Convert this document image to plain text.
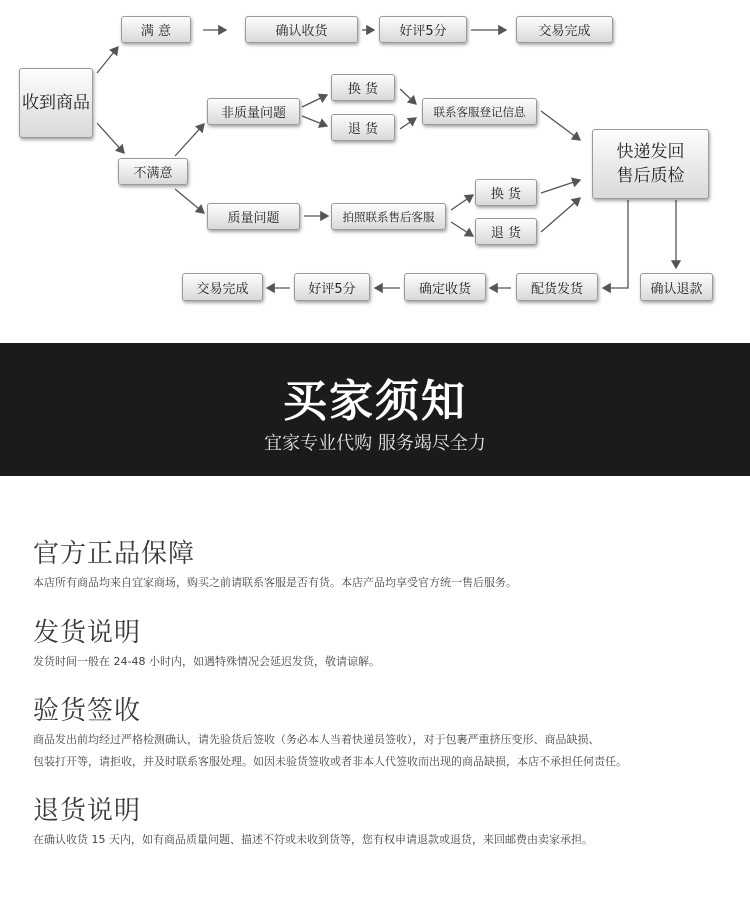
收到商品
满 意	确认收货	好评5分	交易完成
不满意
非质量问题
换 货
退 货
联系客服登记信息
质量问题	拍照联系售后客服
换 货
退 货
快递发回售后质检
配货发货	确认退款
确定收货
好评5分
交易完成
买家须知
宜家专业代购 服务竭尽全力
官方正品保障
本店所有商品均来自宜家商场，购买之前请联系客服是否有货。本店产品均享受官方统一售后服务。
发货说明
发货时间一般在 24-48 小时内，如遇特殊情况会延迟发货，敬请谅解。
验货签收
商品发出前均经过严格检测确认，请先验货后签收（务必本人当着快递员签收），对于包裹严重挤压变形、商品缺损、
包装打开等，请拒收，并及时联系客服处理。如因未验货签收或者非本人代签收而出现的商品缺损，本店不承担任何责任。
退货说明
在确认收货 15 天内，如有商品质量问题、描述不符或未收到货等，您有权申请退款或退货，来回邮费由卖家承担。
